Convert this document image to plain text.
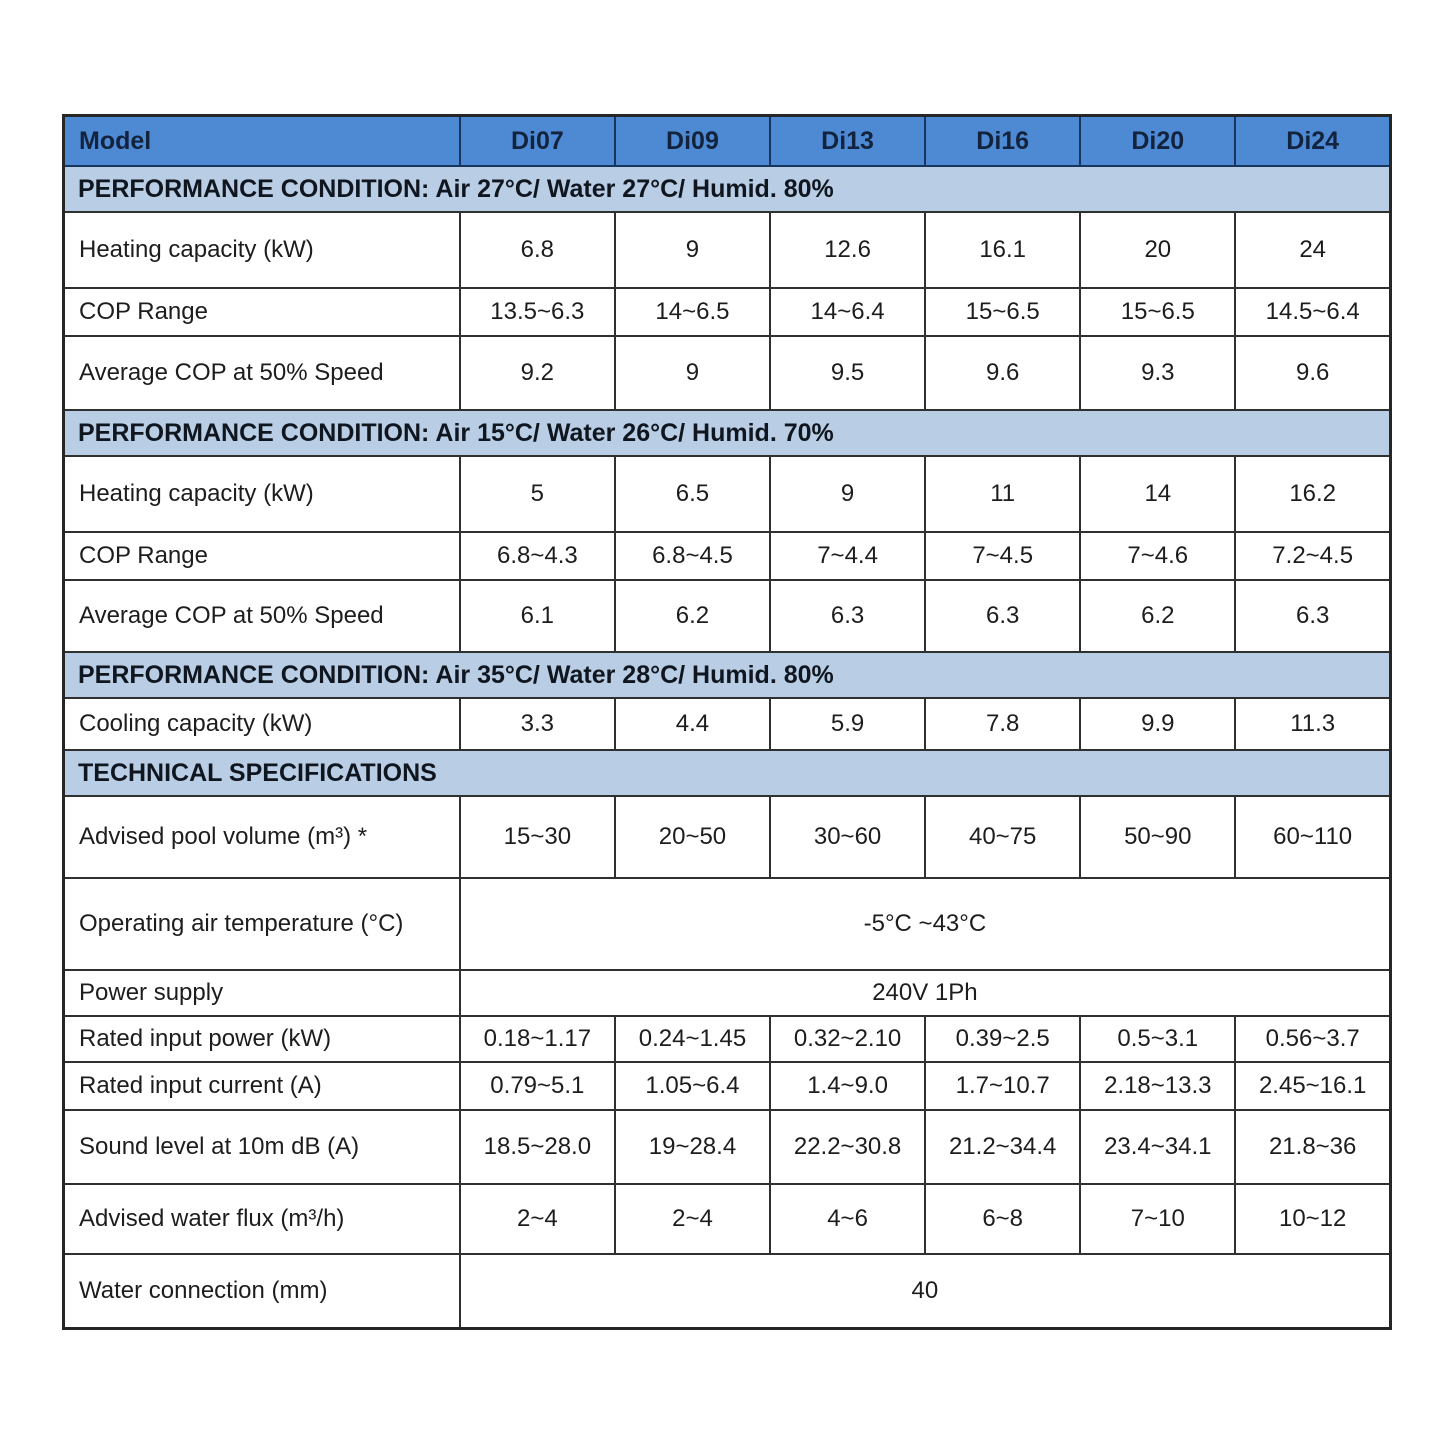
Model	Di07	Di09	Di13	Di16	Di20	Di24
PERFORMANCE CONDITION: Air 27°C/ Water 27°C/ Humid. 80%						
Heating capacity (kW)	6.8	9	12.6	16.1	20	24
COP Range	13.5~6.3	14~6.5	14~6.4	15~6.5	15~6.5	14.5~6.4
Average COP at 50% Speed	9.2	9	9.5	9.6	9.3	9.6
PERFORMANCE CONDITION: Air 15°C/ Water 26°C/ Humid. 70%						
Heating capacity (kW)	5	6.5	9	11	14	16.2
COP Range	6.8~4.3	6.8~4.5	7~4.4	7~4.5	7~4.6	7.2~4.5
Average COP at 50% Speed	6.1	6.2	6.3	6.3	6.2	6.3
PERFORMANCE CONDITION: Air 35°C/ Water 28°C/ Humid. 80%						
Cooling capacity (kW)	3.3	4.4	5.9	7.8	9.9	11.3
TECHNICAL SPECIFICATIONS						
Advised pool volume (m³) *	15~30	20~50	30~60	40~75	50~90	60~110
Operating air temperature (°C)	-5°C ~43°C					
Power supply	240V 1Ph					
Rated input power (kW)	0.18~1.17	0.24~1.45	0.32~2.10	0.39~2.5	0.5~3.1	0.56~3.7
Rated input current (A)	0.79~5.1	1.05~6.4	1.4~9.0	1.7~10.7	2.18~13.3	2.45~16.1
Sound level at 10m dB (A)	18.5~28.0	19~28.4	22.2~30.8	21.2~34.4	23.4~34.1	21.8~36
Advised water flux (m³/h)	2~4	2~4	4~6	6~8	7~10	10~12
Water connection (mm)	40					
